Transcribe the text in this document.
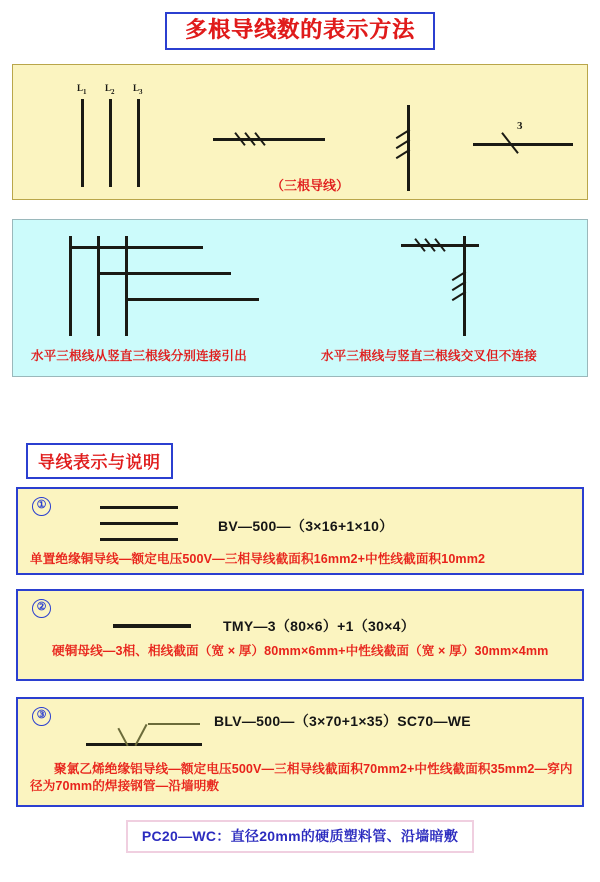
多根导线数的表示方法
$L_1$ $L_2$ $L_3$
3
（三根导线）
水平三根线从竖直三根线分别连接引出	水平三根线与竖直三根线交叉但不连接
导线表示与说明
①
BV—500—（3×16+1×10）
单置绝缘铜导线—额定电压500V—三相导线截面积16mm2+中性线截面积10mm2
②
TMY—3（80×6）+1（30×4）
硬铜母线—3相、相线截面（宽 × 厚）80mm×6mm+中性线截面（宽 × 厚）30mm×4mm
③	BLV—500—（3×70+1×35）SC70—WE
聚氯乙烯绝缘铝导线—额定电压500V—三相导线截面积70mm2+中性线截面积35mm2—穿内径为70mm的焊接钢管—沿墙明敷
PC20—WC：直径20mm的硬质塑料管、沿墙暗敷
